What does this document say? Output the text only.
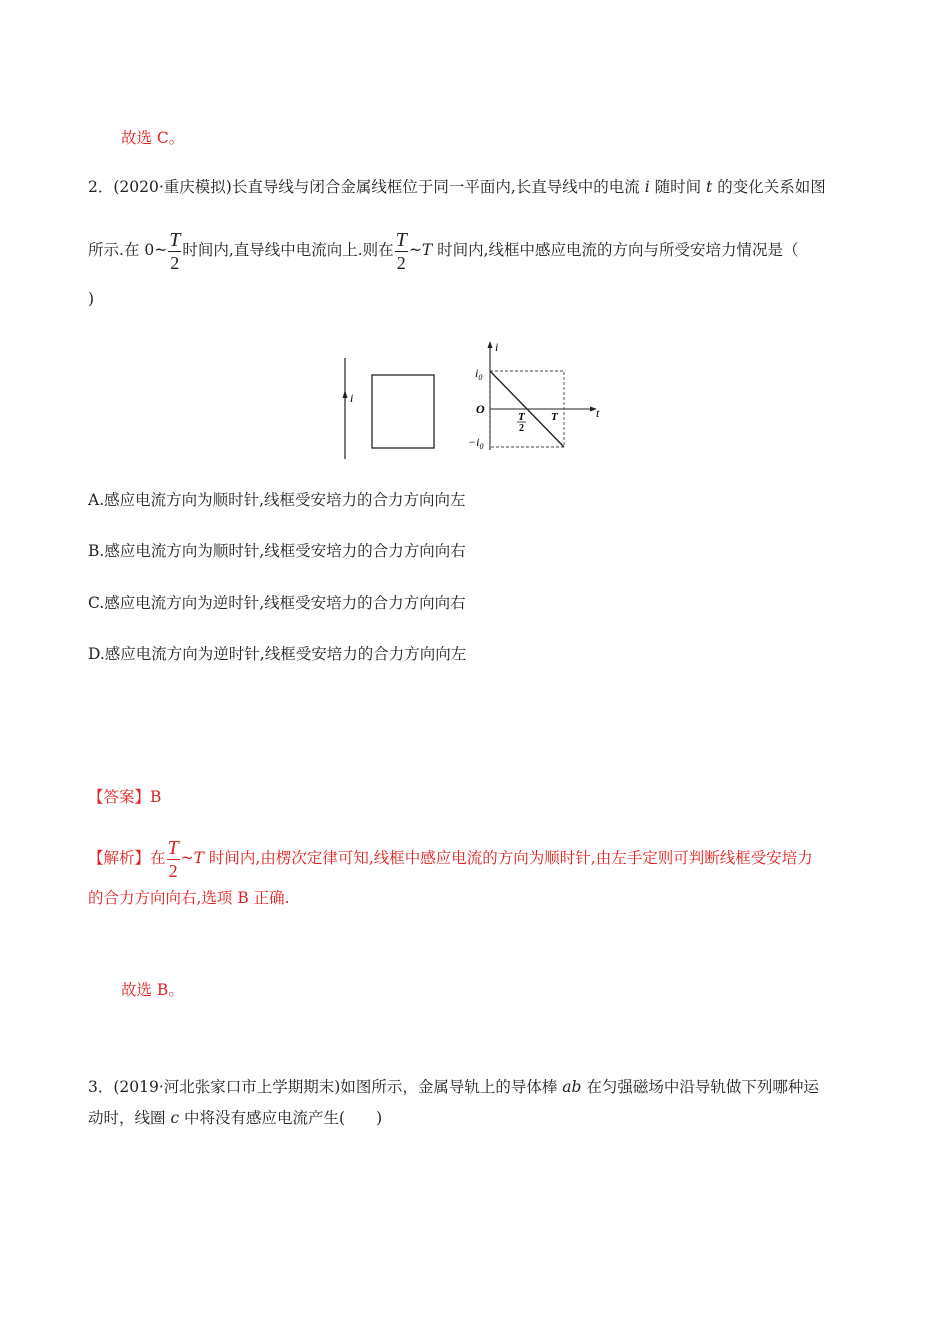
故选 C。
2．(2020·重庆模拟)长直导线与闭合金属线框位于同一平面内,长直导线中的电流 i 随时间 t 的变化关系如图
所示.在 0~ $\frac{T}{2}$ 时间内,直导线中电流向上.则在 $\frac{T}{2}$ ~T 时间内,线框中感应电流的方向与所受安培力情况是（
)
i
i
t
O
$i_0$
$-i_0$
T
2
T
A.感应电流方向为顺时针,线框受安培力的合力方向向左
B.感应电流方向为顺时针,线框受安培力的合力方向向右
C.感应电流方向为逆时针,线框受安培力的合力方向向右
D.感应电流方向为逆时针,线框受安培力的合力方向向左
【答案】B
【解析】在 $\frac{T}{2}$ ~T 时间内,由楞次定律可知,线框中感应电流的方向为顺时针,由左手定则可判断线框受安培力
的合力方向向右,选项 B 正确.
故选 B。
3．(2019·河北张家口市上学期期末)如图所示，金属导轨上的导体棒 ab 在匀强磁场中沿导轨做下列哪种运
动时，线圈 c 中将没有感应电流产生(　　)
